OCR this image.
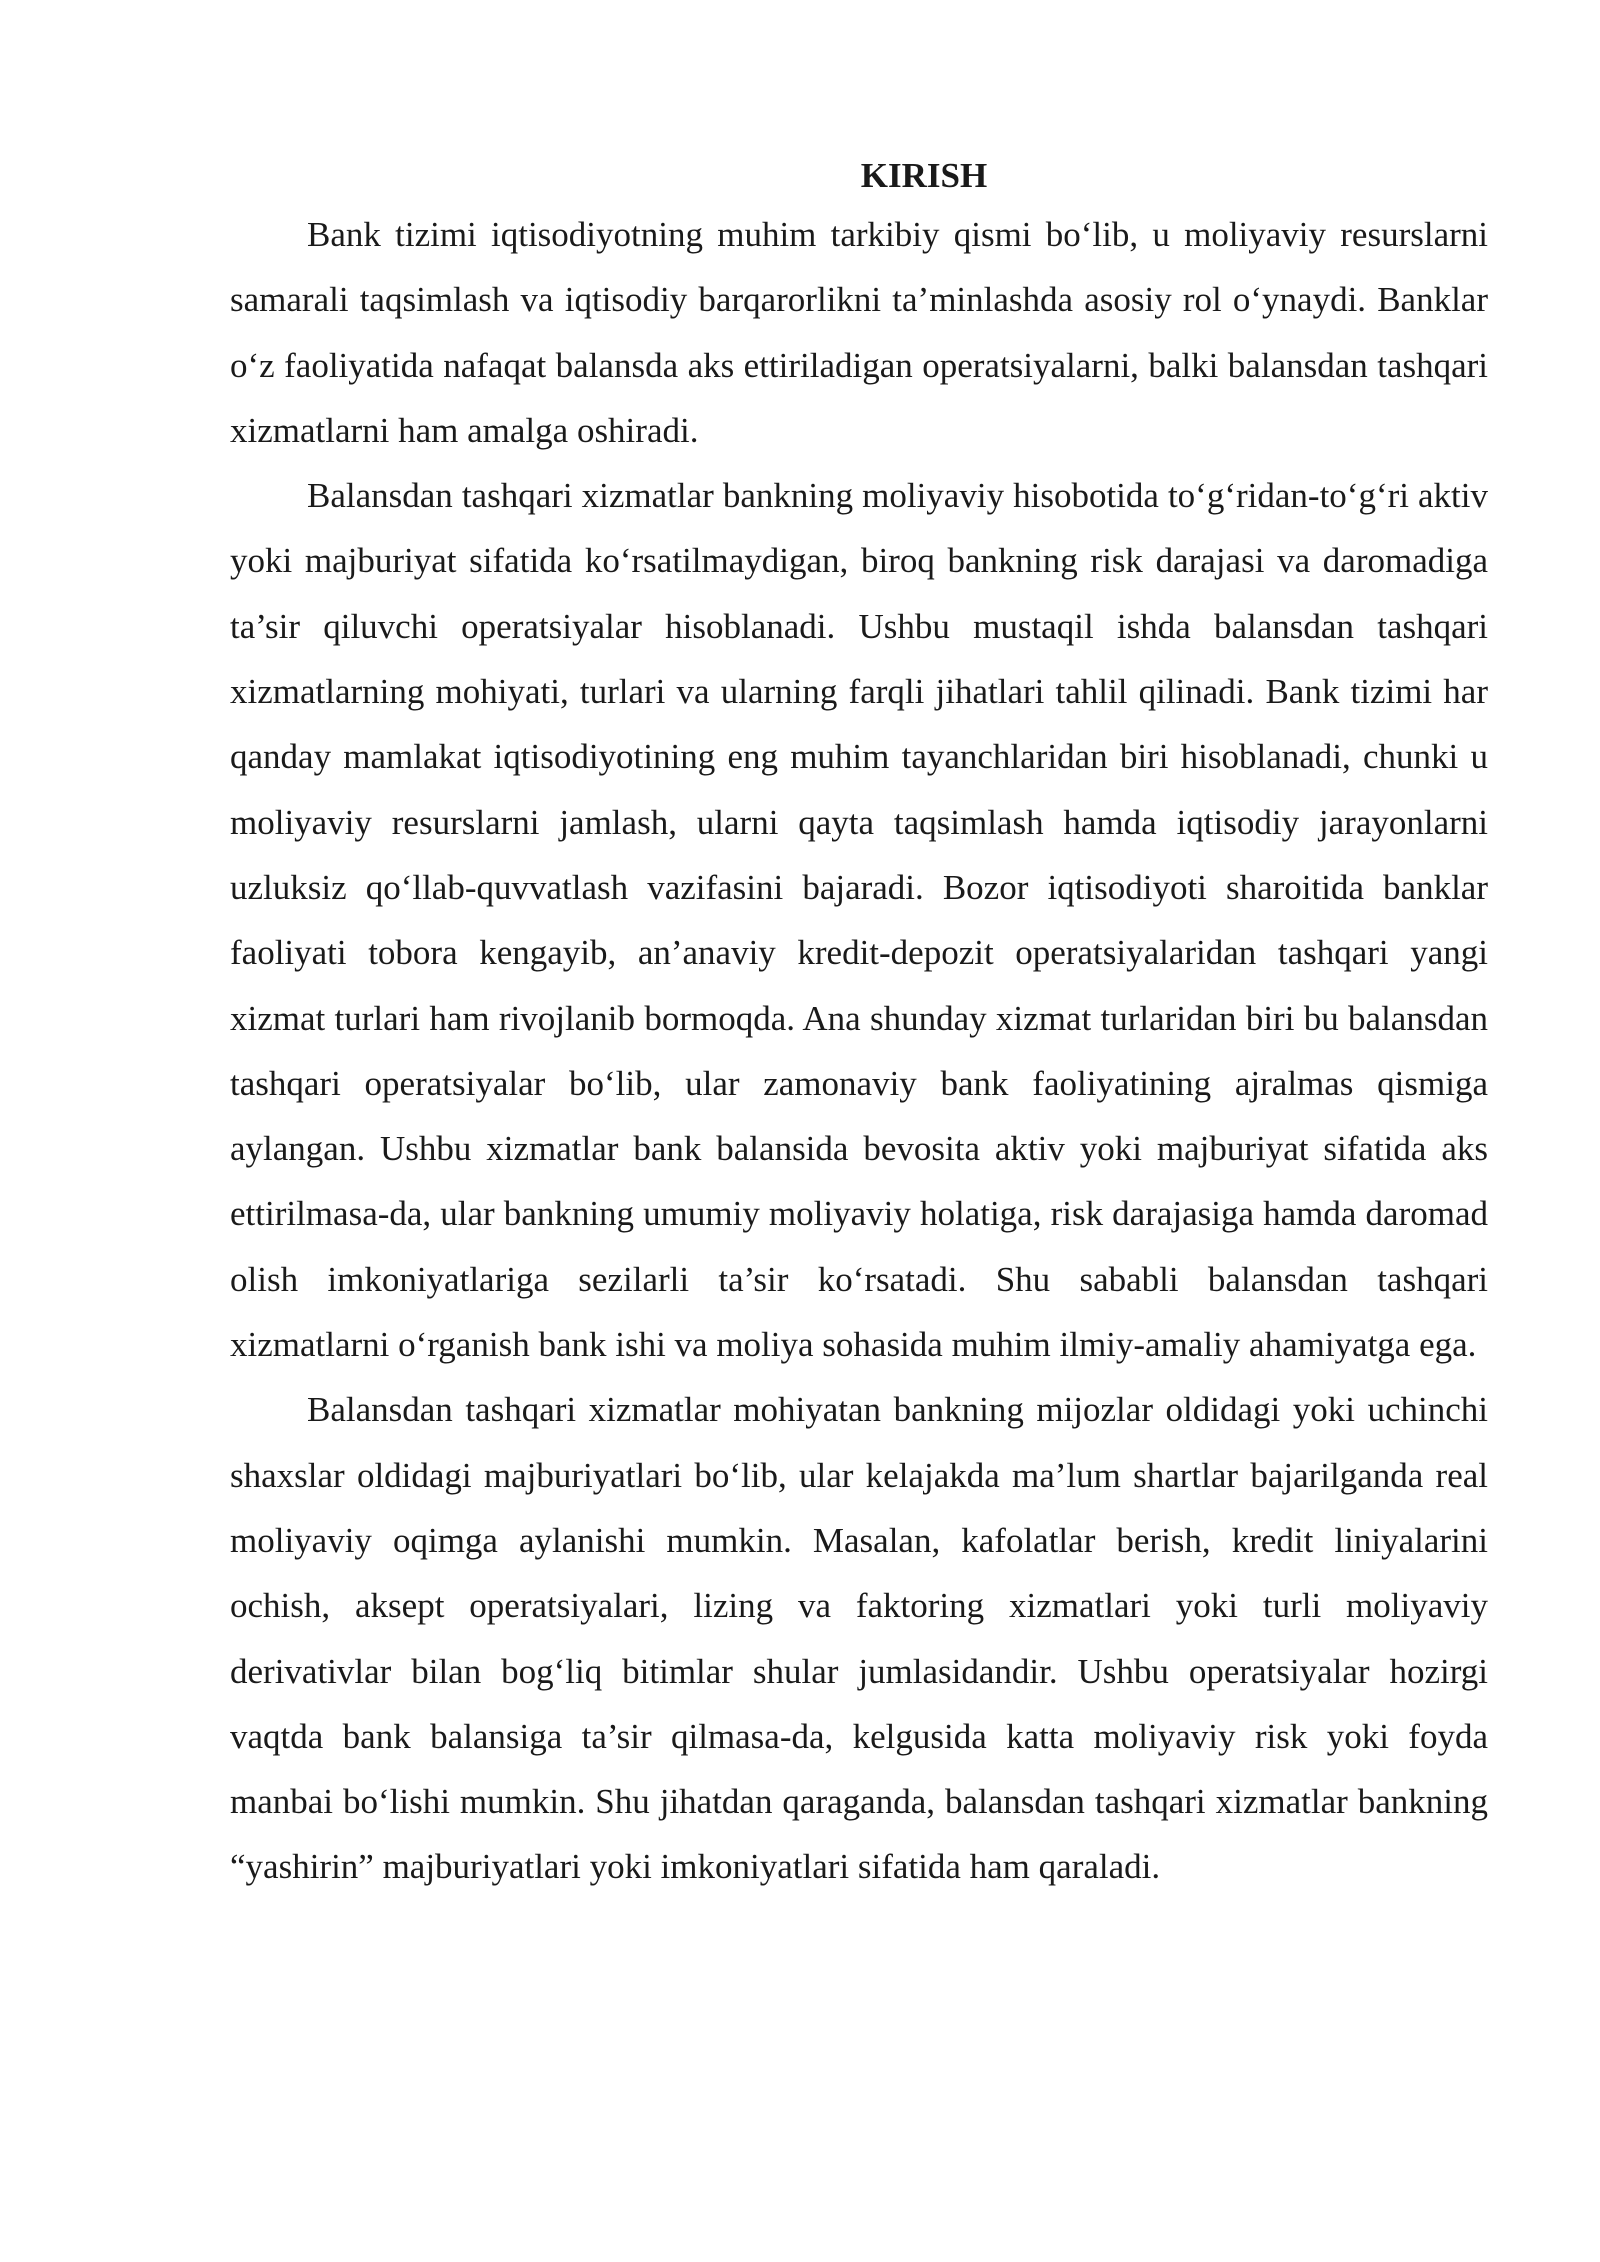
KIRISH

Bank tizimi iqtisodiyotning muhim tarkibiy qismi bo‘lib, u moliyaviy resurslarni samarali taqsimlash va iqtisodiy barqarorlikni ta’minlashda asosiy rol o‘ynaydi. Banklar o‘z faoliyatida nafaqat balansda aks ettiriladigan operatsiyalarni, balki balansdan tashqari xizmatlarni ham amalga oshiradi.

Balansdan tashqari xizmatlar bankning moliyaviy hisobotida to‘g‘ridan-to‘g‘ri aktiv yoki majburiyat sifatida ko‘rsatilmaydigan, biroq bankning risk darajasi va daromadiga ta’sir qiluvchi operatsiyalar hisoblanadi. Ushbu mustaqil ishda balansdan tashqari xizmatlarning mohiyati, turlari va ularning farqli jihatlari tahlil qilinadi. Bank tizimi har qanday mamlakat iqtisodiyotining eng muhim tayanchlaridan biri hisoblanadi, chunki u moliyaviy resurslarni jamlash, ularni qayta taqsimlash hamda iqtisodiy jarayonlarni uzluksiz qo‘llab-quvvatlash vazifasini bajaradi. Bozor iqtisodiyoti sharoitida banklar faoliyati tobora kengayib, an’anaviy kredit-depozit operatsiyalaridan tashqari yangi xizmat turlari ham rivojlanib bormoqda. Ana shunday xizmat turlaridan biri bu balansdan tashqari operatsiyalar bo‘lib, ular zamonaviy bank faoliyatining ajralmas qismiga aylangan. Ushbu xizmatlar bank balansida bevosita aktiv yoki majburiyat sifatida aks ettirilmasa-da, ular bankning umumiy moliyaviy holatiga, risk darajasiga hamda daromad olish imkoniyatlariga sezilarli ta’sir ko‘rsatadi. Shu sababli balansdan tashqari xizmatlarni o‘rganish bank ishi va moliya sohasida muhim ilmiy-amaliy ahamiyatga ega.

Balansdan tashqari xizmatlar mohiyatan bankning mijozlar oldidagi yoki uchinchi shaxslar oldidagi majburiyatlari bo‘lib, ular kelajakda ma’lum shartlar bajarilganda real moliyaviy oqimga aylanishi mumkin. Masalan, kafolatlar berish, kredit liniyalarini ochish, aksept operatsiyalari, lizing va faktoring xizmatlari yoki turli moliyaviy derivativlar bilan bog‘liq bitimlar shular jumlasidandir. Ushbu operatsiyalar hozirgi vaqtda bank balansiga ta’sir qilmasa-da, kelgusida katta moliyaviy risk yoki foyda manbai bo‘lishi mumkin. Shu jihatdan qaraganda, balansdan tashqari xizmatlar bankning “yashirin” majburiyatlari yoki imkoniyatlari sifatida ham qaraladi.
